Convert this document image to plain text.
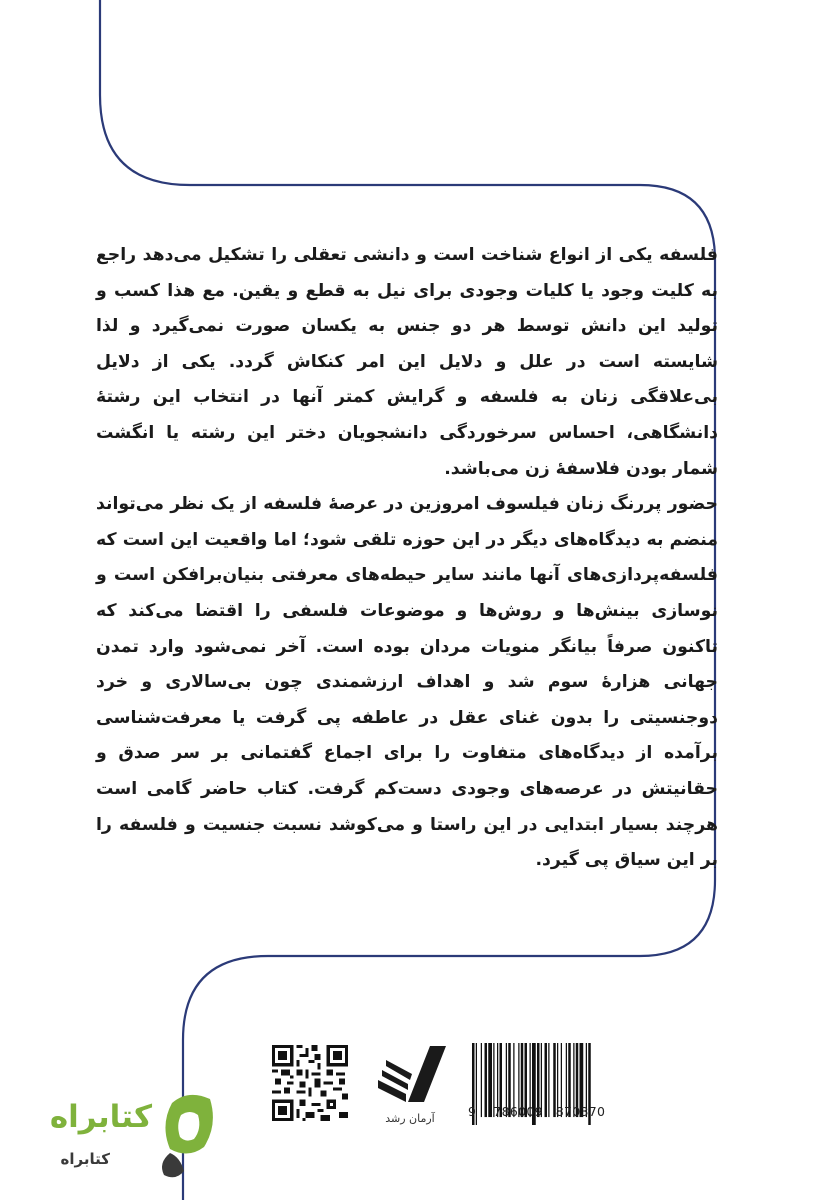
فلسفه یکی از انواع شناخت است و دانشی تعقلی را تشکیل می‌دهد راجع به کلیت وجود یا کلیات وجودی برای نیل به قطع و یقین. مع هذا کسب و تولید این دانش توسط هر دو جنس به یکسان صورت نمی‌گیرد و لذا شایسته است در علل و دلایل این امر کنکاش گردد. یکی از دلایل بی‌علاقگی زنان به فلسفه و گرایش کمتر آنها در انتخاب این رشتهٔ دانشگاهی، احساس سرخوردگی دانشجویان دختر این رشته یا انگشت شمار بودن فلاسفهٔ زن می‌باشد.

حضور پررنگ زنان فیلسوف امروزین در عرصهٔ فلسفه از یک نظر می‌تواند منضم به دیدگاه‌های دیگر در این حوزه تلقی شود؛ اما واقعیت این است که فلسفه‌پردازی‌های آنها مانند سایر حیطه‌های معرفتی بنیان‌برافکن است و نوسازی بینش‌ها و روش‌ها و موضوعات فلسفی را اقتضا می‌کند که تاکنون صرفاً بیانگر منویات مردان بوده است. آخر نمی‌شود وارد تمدن جهانی هزارهٔ سوم شد و اهداف ارزشمندی چون بی‌سالاری و خرد دوجنسیتی را بدون غنای عقل در عاطفه پی گرفت یا معرفت‌شناسی برآمده از دیدگاه‌های متفاوت را برای اجماع گفتمانی بر سر صدق و حقانیتش در عرصه‌های وجودی دست‌کم گرفت. کتاب حاضر گامی است هرچند بسیار ابتدایی در این راستا و می‌کوشد نسبت جنسیت و فلسفه را بر این سیاق پی گیرد.

آرمان رشد	9 786009 870370
کتابراه
کتابراه
